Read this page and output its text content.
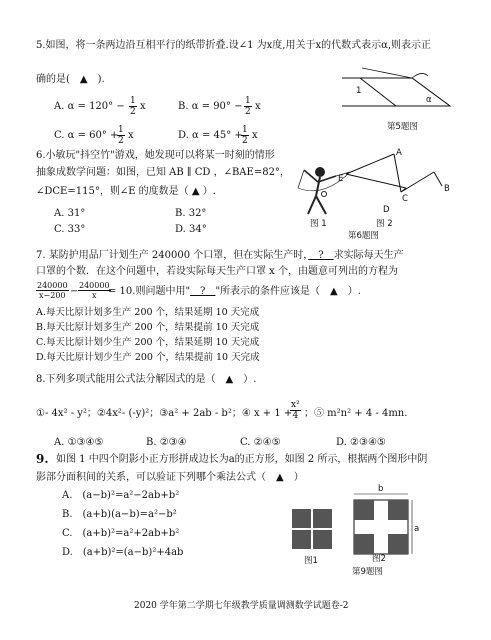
5.如图，将一条两边沿互相平行的纸带折叠.设∠1 为x度,用关于x的代数式表示α,则表示正
确的是(　▲　).
A. $\alpha = 120^\circ - \frac{1}{2}$ x	B. $\alpha = 90^\circ - \frac{1}{2}$ x
C. α = 60° +
$\frac{1}{2}$ x	D. α = 45° +
$\frac{1}{2}$ x
1
α
第5题图
6.小敏玩"抖空竹"游戏，她发现可以将某一时刻的情形
抽象成数学问题：如图，已知 AB ∥ CD ，∠BAE=82°，
∠DCE=115°，则∠E 的度数是（ ▲ ）.
A. 31°	B. 32°
C. 33°	D. 34°	图 1
A
B
E
C
D
图 2
第6题图
7. 某防护用品厂计划生产 240000 个口罩，但在实际生产时，　?　求实际每天生产
口罩的个数．在这个问题中，若设实际每天生产口罩 x 个，由题意可列出的方程为
$\frac{240000}{x-200} - \frac{240000}{x}$
= 10.则问题中用"　?　"所表示的条件应该是（　▲　）.
A.每天比原计划多生产 200 个，结果延期 10 天完成
B.每天比原计划多生产 200 个，结果提前 10 天完成
C.每天比原计划少生产 200 个，结果延期 10 天完成
D.每天比原计划少生产 200 个，结果提前 10 天完成
8.下列多项式能用公式法分解因式的是（　▲　）.
①- 4x² - y²；②4x²- (-y)²；③a² + 2ab - b²；④ x + 1 +
$\frac{\text{x²}}{4}$ ；⑤ m²n² + 4 - 4mn.
A. ①③④⑤	B. ②③④	C. ②④⑤	D. ②③④⑤
9. 如图 1 中四个阴影小正方形拼成边长为a的正方形，如图 2 所示，根据两个图形中阴
影部分面积间的关系，可以验证下列哪个乘法公式（　▲　）
A.　(a−b)²=a²−2ab+b²
B.　(a+b)(a−b)=a²−b²
C.　(a+b)²=a²+2ab+b²
D.　(a+b)²=(a−b)²+4ab
图1
b
a
图2
第9题图
2020 学年第二学期七年级教学质量调测数学试题卷-2
